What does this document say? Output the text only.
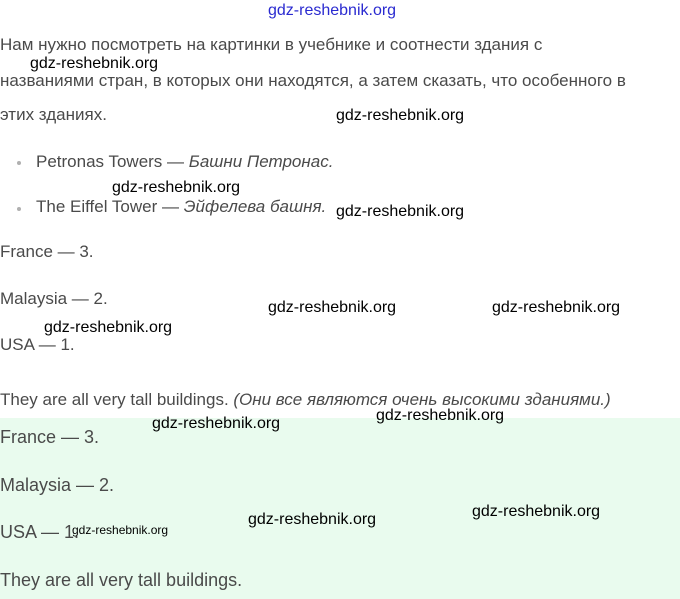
Нам нужно посмотреть на картинки в учебнике и соотнести здания с
названиями стран, в которых они находятся, а затем сказать, что особенного в
этих зданиях.
Petronas Towers — Башни Петронас.
The Eiffel Tower — Эйфелева башня.
France — 3.
Malaysia — 2.
USA — 1.
They are all very tall buildings. (Они все являются очень высокими зданиями.)
France — 3.
Malaysia — 2.
USA — 1.
They are all very tall buildings.
gdz-reshebnik.org
gdz-reshebnik.org
gdz-reshebnik.org
gdz-reshebnik.org
gdz-reshebnik.org
gdz-reshebnik.org	gdz-reshebnik.org
gdz-reshebnik.org
gdz-reshebnik.org
gdz-reshebnik.org
gdz-reshebnik.org
gdz-reshebnik.org
gdz-reshebnik.org
